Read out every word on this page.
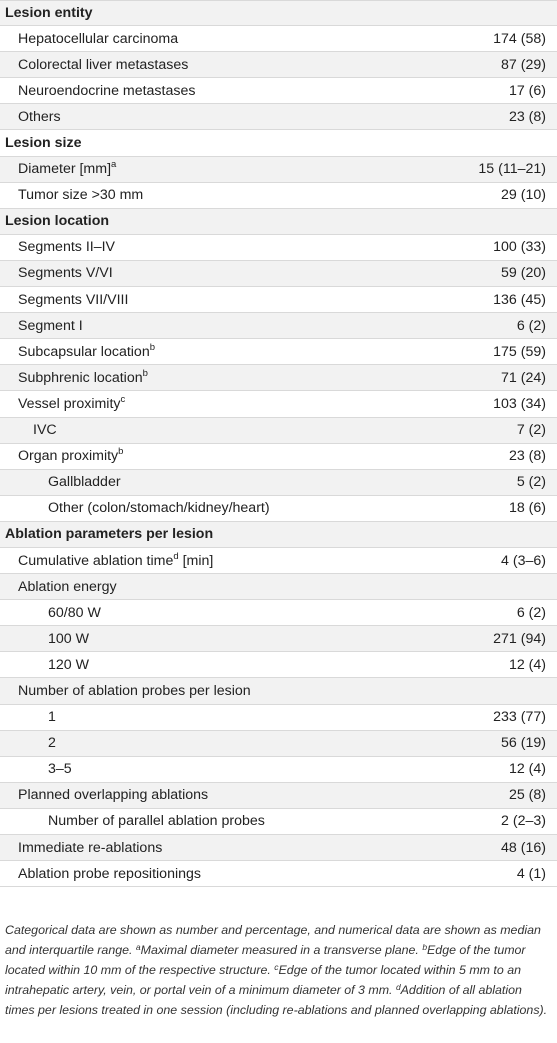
Lesion entity
Hepatocellular carcinoma	174 (58)
Colorectal liver metastases	87 (29)
Neuroendocrine metastases	17 (6)
Others	23 (8)
Lesion size
Diameter [mm]$^a$	15 (11–21)
Tumor size >30 mm	29 (10)
Lesion location
Segments II–IV	100 (33)
Segments V/VI	59 (20)
Segments VII/VIII	136 (45)
Segment I	6 (2)
Subcapsular location$^b$	175 (59)
Subphrenic location$^b$	71 (24)
Vessel proximity$^c$	103 (34)
IVC	7 (2)
Organ proximity$^b$	23 (8)
Gallbladder	5 (2)
Other (colon/stomach/kidney/heart)	18 (6)
Ablation parameters per lesion
Cumulative ablation time$^d$ [min]	4 (3–6)
Ablation energy
60/80 W	6 (2)
100 W	271 (94)
120 W	12 (4)
Number of ablation probes per lesion
1	233 (77)
2	56 (19)
3–5	12 (4)
Planned overlapping ablations	25 (8)
Number of parallel ablation probes	2 (2–3)
Immediate re-ablations	48 (16)
Ablation probe repositionings	4 (1)
Categorical data are shown as number and percentage, and numerical data are shown as median and interquartile range. $^a$Maximal diameter measured in a transverse plane. $^b$Edge of the tumor located within 10 mm of the respective structure. $^c$Edge of the tumor located within 5 mm to an intrahepatic artery, vein, or portal vein of a minimum diameter of 3 mm. $^d$Addition of all ablation times per lesions treated in one session (including re-ablations and planned overlapping ablations).
